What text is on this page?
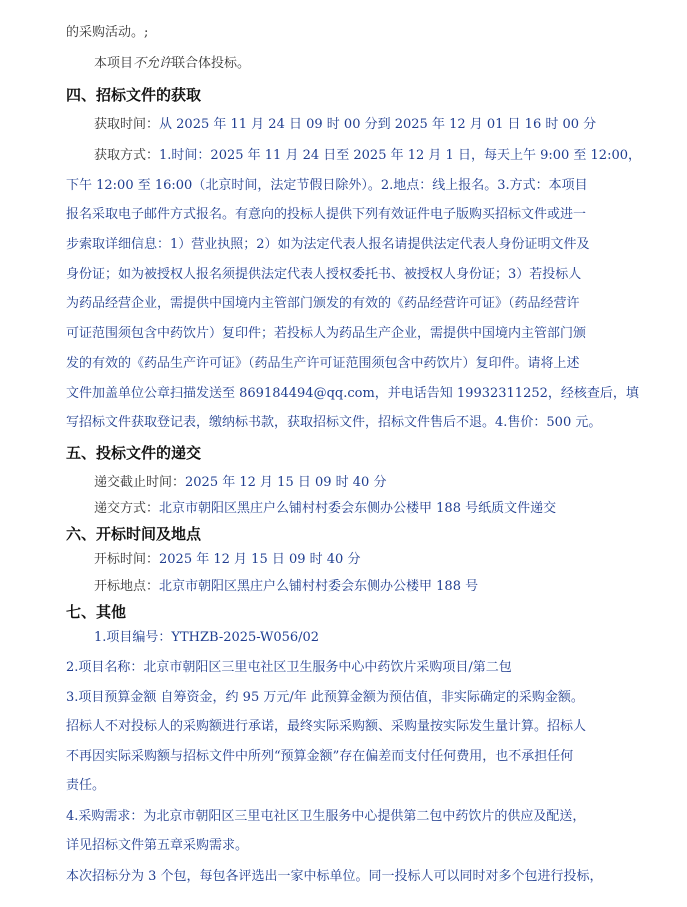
的采购活动。;
本项目不允许联合体投标。
四、招标文件的获取
获取时间：从 2025 年 11 月 24 日 09 时 00 分到 2025 年 12 月 01 日 16 时 00 分
获取方式：1.时间：2025 年 11 月 24 日至 2025 年 12 月 1 日，每天上午 9:00 至 12:00，
下午 12:00 至 16:00（北京时间，法定节假日除外）。2.地点：线上报名。3.方式：本项目
报名采取电子邮件方式报名。有意向的投标人提供下列有效证件电子版购买招标文件或进一
步索取详细信息：1）营业执照；2）如为法定代表人报名请提供法定代表人身份证明文件及
身份证；如为被授权人报名须提供法定代表人授权委托书、被授权人身份证；3）若投标人
为药品经营企业，需提供中国境内主管部门颁发的有效的《药品经营许可证》（药品经营许
可证范围须包含中药饮片）复印件；若投标人为药品生产企业，需提供中国境内主管部门颁
发的有效的《药品生产许可证》（药品生产许可证范围须包含中药饮片）复印件。请将上述
文件加盖单位公章扫描发送至 869184494@qq.com，并电话告知 19932311252，经核查后，填
写招标文件获取登记表，缴纳标书款，获取招标文件，招标文件售后不退。4.售价：500 元。
五、投标文件的递交
递交截止时间：2025 年 12 月 15 日 09 时 40 分
递交方式：北京市朝阳区黑庄户么铺村村委会东侧办公楼甲 188 号纸质文件递交
六、开标时间及地点
开标时间：2025 年 12 月 15 日 09 时 40 分
开标地点：北京市朝阳区黑庄户么铺村村委会东侧办公楼甲 188 号
七、其他
1.项目编号：YTHZB-2025-W056/02
2.项目名称：北京市朝阳区三里屯社区卫生服务中心中药饮片采购项目/第二包
3.项目预算金额 自筹资金，约 95 万元/年 此预算金额为预估值，非实际确定的采购金额。
招标人不对投标人的采购额进行承诺，最终实际采购额、采购量按实际发生量计算。招标人
不再因实际采购额与招标文件中所列“预算金额”存在偏差而支付任何费用，也不承担任何
责任。
4.采购需求：为北京市朝阳区三里屯社区卫生服务中心提供第二包中药饮片的供应及配送，
详见招标文件第五章采购需求。
本次招标分为 3 个包，每包各评选出一家中标单位。同一投标人可以同时对多个包进行投标，
